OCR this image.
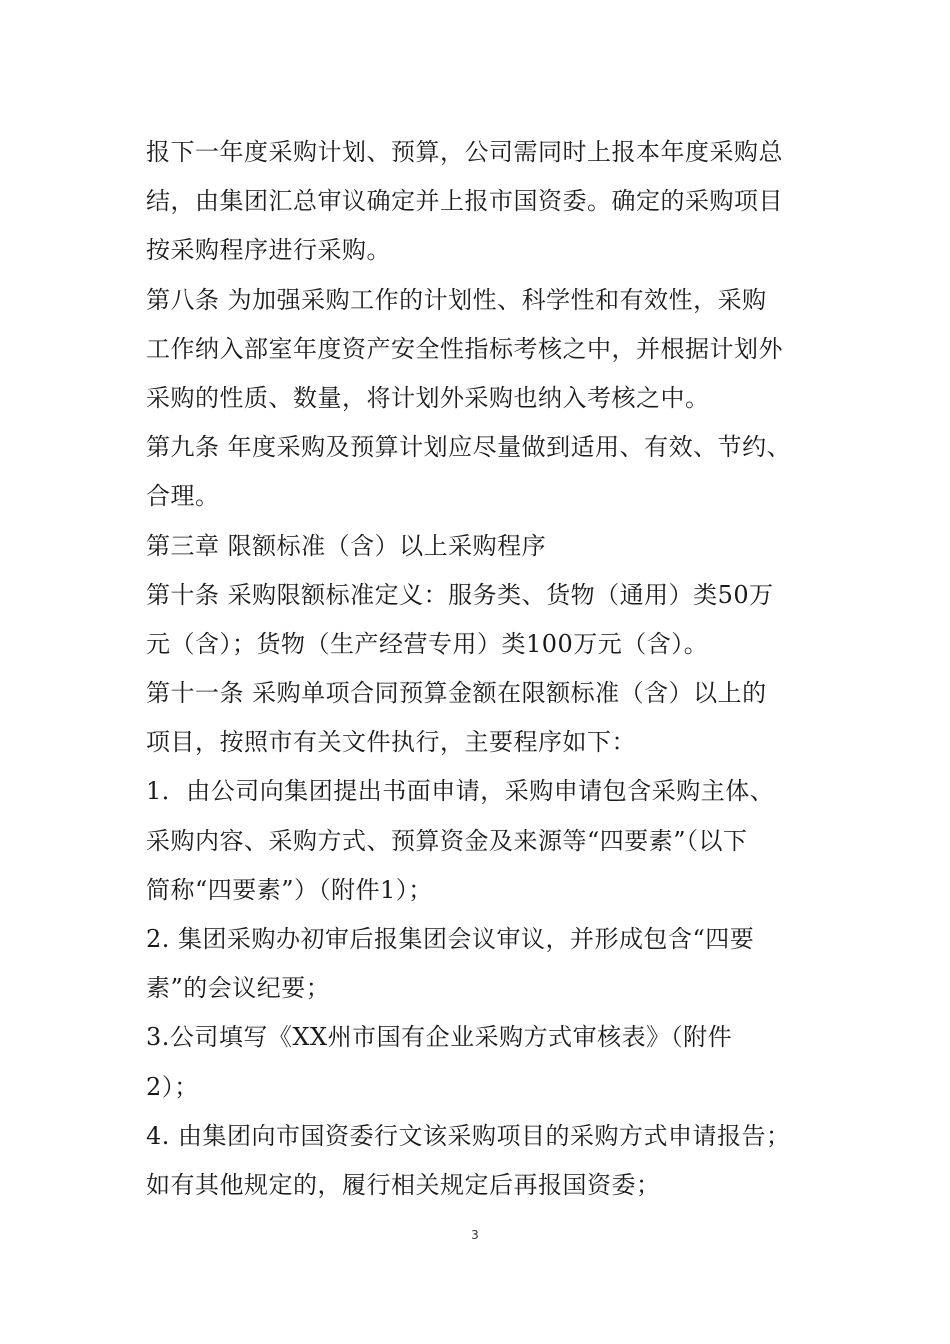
报下一年度采购计划、预算，公司需同时上报本年度采购总
结，由集团汇总审议确定并上报市国资委。确定的采购项目
按采购程序进行采购。
第八条 为加强采购工作的计划性、科学性和有效性，采购
工作纳入部室年度资产安全性指标考核之中，并根据计划外
采购的性质、数量，将计划外采购也纳入考核之中。
第九条 年度采购及预算计划应尽量做到适用、有效、节约、
合理。
第三章 限额标准（含）以上采购程序
第十条 采购限额标准定义：服务类、货物（通用）类50万
元（含）；货物（生产经营专用）类100万元（含）。
第十一条 采购单项合同预算金额在限额标准（含）以上的
项目，按照市有关文件执行，主要程序如下：
1．由公司向集团提出书面申请，采购申请包含采购主体、
采购内容、采购方式、预算资金及来源等“四要素”（以下
简称“四要素”）（附件1）；
2. 集团采购办初审后报集团会议审议，并形成包含“四要
素”的会议纪要；
3.公司填写《XX州市国有企业采购方式审核表》（附件
2）；
4. 由集团向市国资委行文该采购项目的采购方式申请报告；
如有其他规定的，履行相关规定后再报国资委；
3
